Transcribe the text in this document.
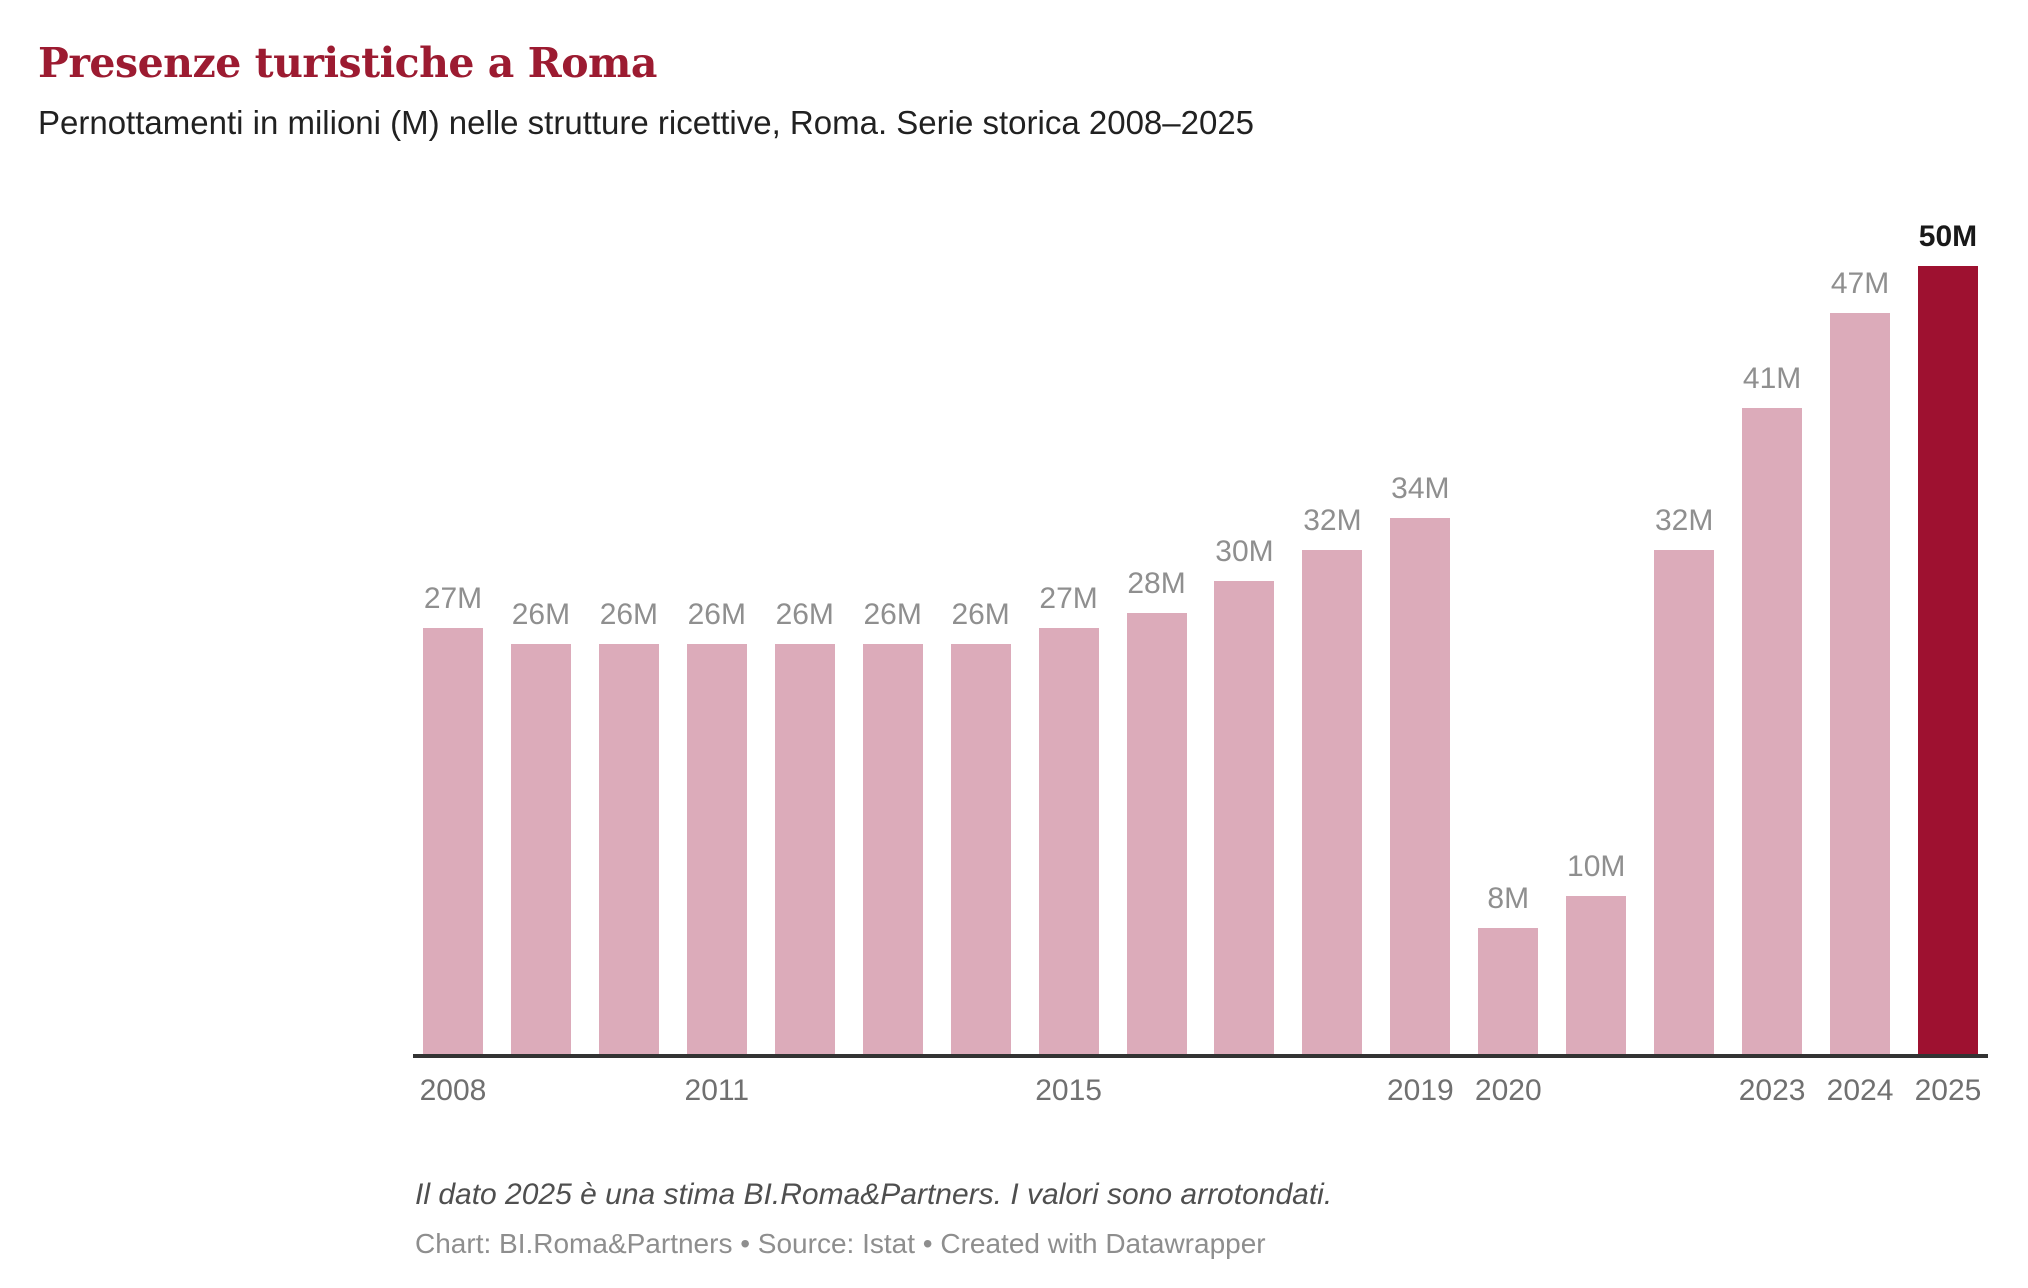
Presenze turistiche a Roma
Pernottamenti in milioni (M) nelle strutture ricettive, Roma. Serie storica 2008–2025
27M 26M 26M 26M 26M 26M 26M 27M 28M
30M
32M
34M
8M
10M
32M
41M
47M
50M
2008	2011	2015	2019 2020	2023 2024 2025
Il dato 2025 è una stima BI.Roma&Partners. I valori sono arrotondati.
Chart: BI.Roma&Partners • Source: Istat • Created with Datawrapper
